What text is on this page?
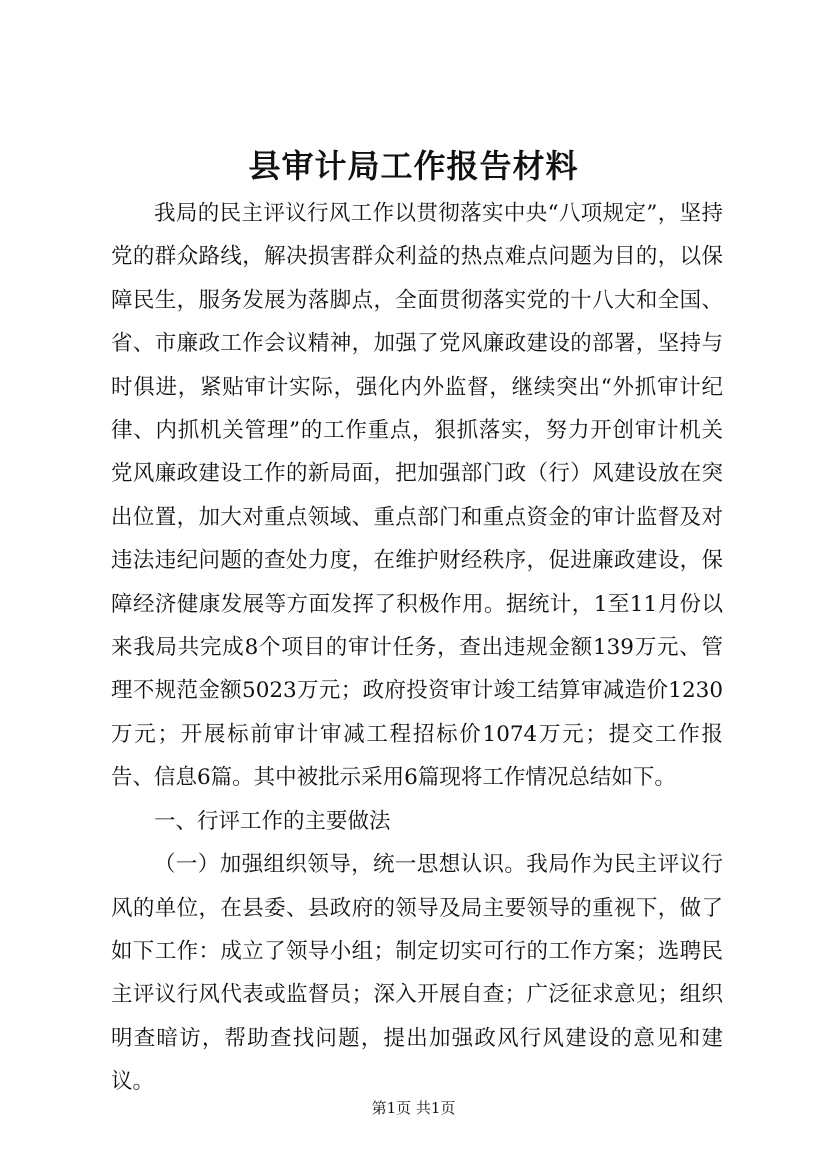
县审计局工作报告材料

我局的民主评议行风工作以贯彻落实中央“八项规定”，坚持党的群众路线，解决损害群众利益的热点难点问题为目的，以保障民生，服务发展为落脚点，全面贯彻落实党的十八大和全国、省、市廉政工作会议精神，加强了党风廉政建设的部署，坚持与时俱进，紧贴审计实际，强化内外监督，继续突出“外抓审计纪律、内抓机关管理”的工作重点，狠抓落实，努力开创审计机关党风廉政建设工作的新局面，把加强部门政（行）风建设放在突出位置，加大对重点领域、重点部门和重点资金的审计监督及对违法违纪问题的查处力度，在维护财经秩序，促进廉政建设，保障经济健康发展等方面发挥了积极作用。据统计，1至11月份以来我局共完成8个项目的审计任务，查出违规金额139万元、管理不规范金额5023万元；政府投资审计竣工结算审减造价1230万元；开展标前审计审减工程招标价1074万元；提交工作报告、信息6篇。其中被批示采用6篇现将工作情况总结如下。

一、行评工作的主要做法

（一）加强组织领导，统一思想认识。我局作为民主评议行风的单位，在县委、县政府的领导及局主要领导的重视下，做了如下工作：成立了领导小组；制定切实可行的工作方案；选聘民主评议行风代表或监督员；深入开展自查；广泛征求意见；组织明查暗访，帮助查找问题，提出加强政风行风建设的意见和建议。

第1页 共1页
